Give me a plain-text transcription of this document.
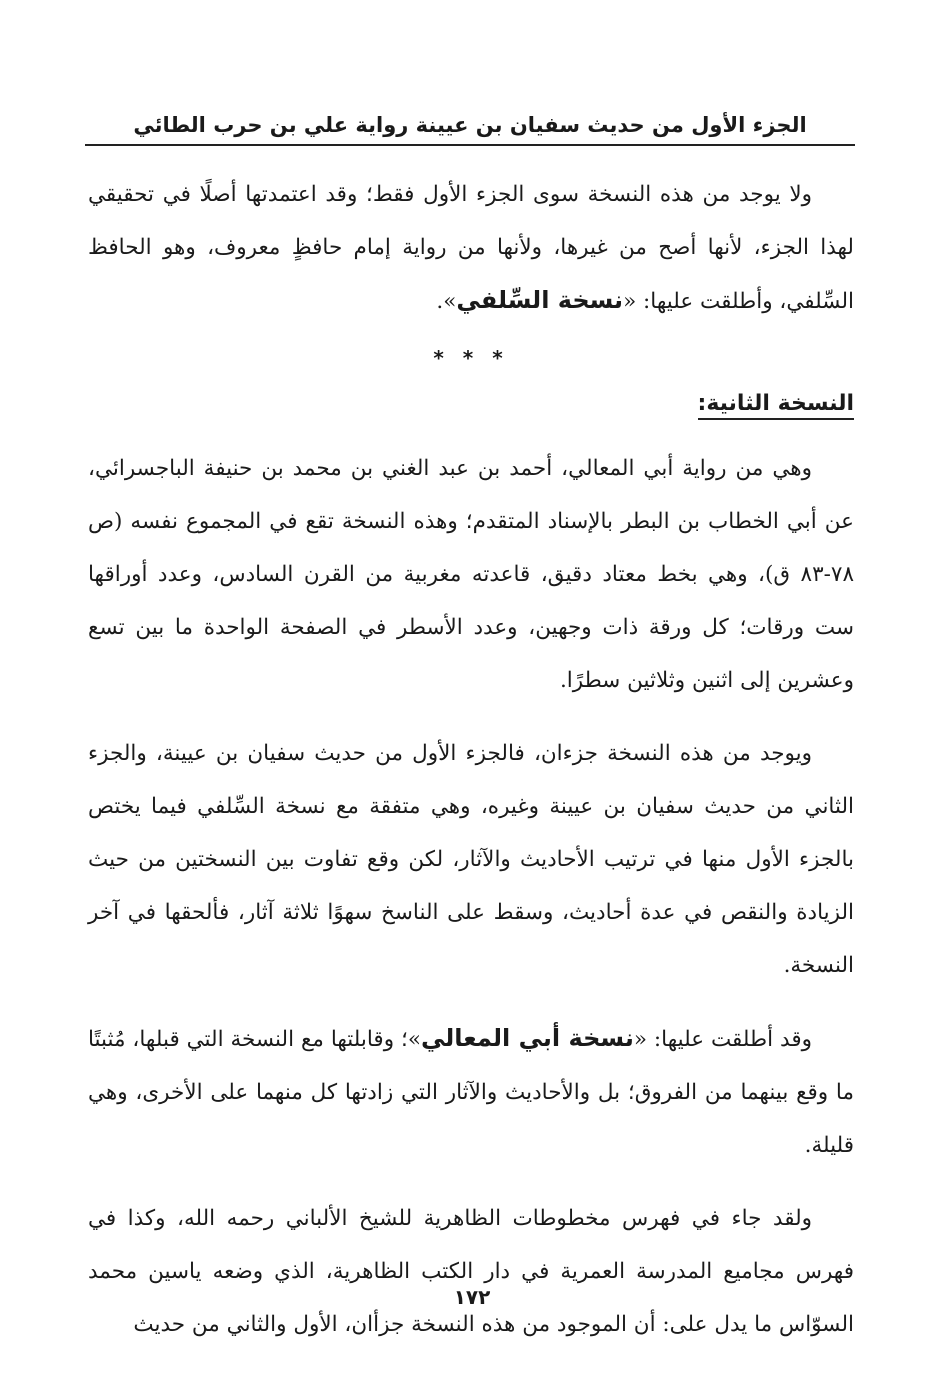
الجزء الأول من حديث سفيان بن عيينة رواية علي بن حرب الطائي

ولا يوجد من هذه النسخة سوى الجزء الأول فقط؛ وقد اعتمدتها أصلًا في تحقيقي لهذا الجزء، لأنها أصح من غيرها، ولأنها من رواية إمام حافظٍ معروف، وهو الحافظ السِّلفي، وأطلقت عليها: «نسخة السِّلفي».

* * *
النسخة الثانية:

وهي من رواية أبي المعالي، أحمد بن عبد الغني بن محمد بن حنيفة الباجسرائي، عن أبي الخطاب بن البطر بالإسناد المتقدم؛ وهذه النسخة تقع في المجموع نفسه (ص ٧٨-٨٣ ق)، وهي بخط معتاد دقيق، قاعدته مغربية من القرن السادس، وعدد أوراقها ست ورقات؛ كل ورقة ذات وجهين، وعدد الأسطر في الصفحة الواحدة ما بين تسع وعشرين إلى اثنين وثلاثين سطرًا.

ويوجد من هذه النسخة جزءان، فالجزء الأول من حديث سفيان بن عيينة، والجزء الثاني من حديث سفيان بن عيينة وغيره، وهي متفقة مع نسخة السِّلفي فيما يختص بالجزء الأول منها في ترتيب الأحاديث والآثار، لكن وقع تفاوت بين النسختين من حيث الزيادة والنقص في عدة أحاديث، وسقط على الناسخ سهوًا ثلاثة آثار، فألحقها في آخر النسخة.

وقد أطلقت عليها: «نسخة أبي المعالي»؛ وقابلتها مع النسخة التي قبلها، مُثبتًا ما وقع بينهما من الفروق؛ بل والأحاديث والآثار التي زادتها كل منهما على الأخرى، وهي قليلة.

ولقد جاء في فهرس مخطوطات الظاهرية للشيخ الألباني رحمه الله، وكذا في فهرس مجاميع المدرسة العمرية في دار الكتب الظاهرية، الذي وضعه ياسين محمد السوّاس ما يدل على: أن الموجود من هذه النسخة جزأان، الأول والثاني من حديث

١٧٢
